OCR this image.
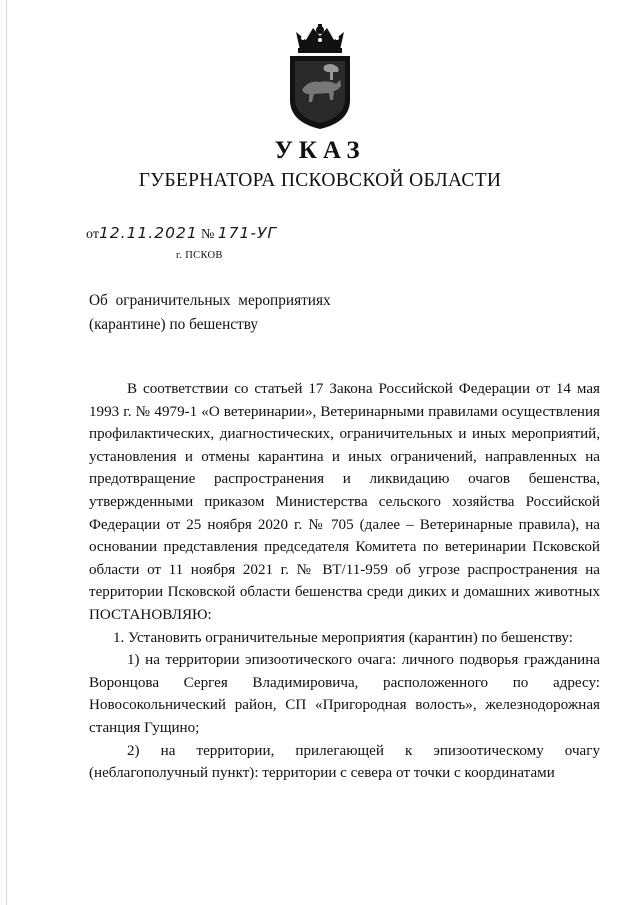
УКАЗ
ГУБЕРНАТОРА ПСКОВСКОЙ ОБЛАСТИ
от12.11.2021 № 171-УГ
г. ПСКОВ
Об ограничительных мероприятиях
(карантине) по бешенству
В соответствии со статьей 17 Закона Российской Федерации от 14 мая 1993 г. № 4979-1 «О ветеринарии», Ветеринарными правилами осуществления профилактических, диагностических, ограничительных и иных мероприятий, установления и отмены карантина и иных ограничений, направленных на предотвращение распространения и ликвидацию очагов бешенства, утвержденными приказом Министерства сельского хозяйства Российской Федерации от 25 ноября 2020 г. № 705 (далее – Ветеринарные правила), на основании представления председателя Комитета по ветеринарии Псковской области от 11 ноября 2021 г. № ВТ/11-959 об угрозе распространения на территории Псковской области бешенства среди диких и домашних животных ПОСТАНОВЛЯЮ:
1. Установить ограничительные мероприятия (карантин) по бешенству:
1) на территории эпизоотического очага: личного подворья гражданина Воронцова Сергея Владимировича, расположенного по адресу: Новосокольнический район, СП «Пригородная волость», железнодорожная станция Гущино;
2) на территории, прилегающей к эпизоотическому очагу (неблагополучный пункт): территории с севера от точки с координатами
